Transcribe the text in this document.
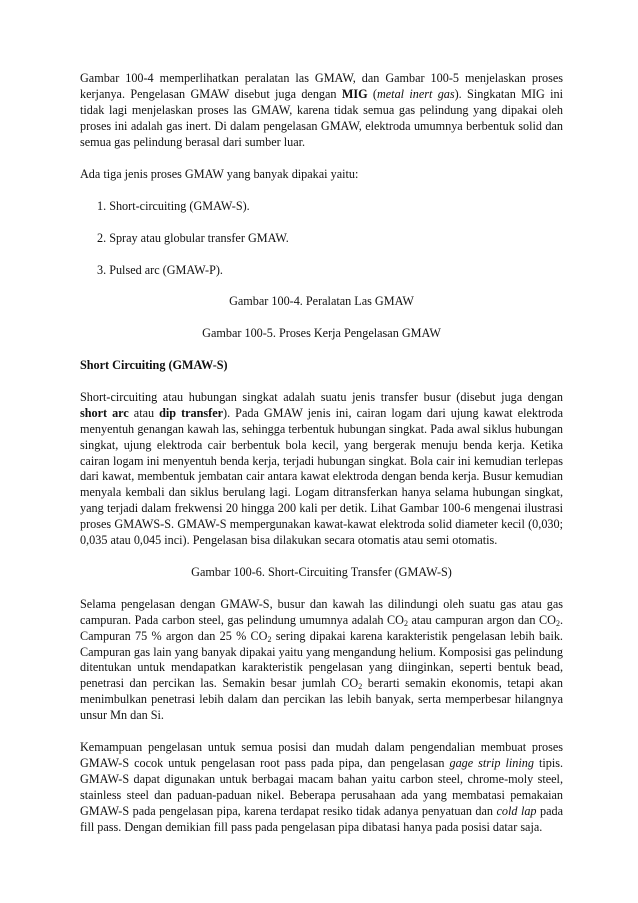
Gambar 100-4 memperlihatkan peralatan las GMAW, dan Gambar 100-5 menjelaskan proses kerjanya. Pengelasan GMAW disebut juga dengan MIG (metal inert gas). Singkatan MIG ini tidak lagi menjelaskan proses las GMAW, karena tidak semua gas pelindung yang dipakai oleh proses ini adalah gas inert. Di dalam pengelasan GMAW, elektroda umumnya berbentuk solid dan semua gas pelindung berasal dari sumber luar.

Ada tiga jenis proses GMAW yang banyak dipakai yaitu:

1. Short-circuiting (GMAW-S).
2. Spray atau globular transfer GMAW.
3. Pulsed arc (GMAW-P).

Gambar 100-4. Peralatan Las GMAW

Gambar 100-5. Proses Kerja Pengelasan GMAW

Short Circuiting (GMAW-S)

Short-circuiting atau hubungan singkat adalah suatu jenis transfer busur (disebut juga dengan short arc atau dip transfer). Pada GMAW jenis ini, cairan logam dari ujung kawat elektroda menyentuh genangan kawah las, sehingga terbentuk hubungan singkat. Pada awal siklus hubungan singkat, ujung elektroda cair berbentuk bola kecil, yang bergerak menuju benda kerja. Ketika cairan logam ini menyentuh benda kerja, terjadi hubungan singkat. Bola cair ini kemudian terlepas dari kawat, membentuk jembatan cair antara kawat elektroda dengan benda kerja. Busur kemudian menyala kembali dan siklus berulang lagi. Logam ditransferkan hanya selama hubungan singkat, yang terjadi dalam frekwensi 20 hingga 200 kali per detik. Lihat Gambar 100-6 mengenai ilustrasi proses GMAWS-S. GMAW-S mempergunakan kawat-kawat elektroda solid diameter kecil (0,030; 0,035 atau 0,045 inci). Pengelasan bisa dilakukan secara otomatis atau semi otomatis.

Gambar 100-6. Short-Circuiting Transfer (GMAW-S)

Selama pengelasan dengan GMAW-S, busur dan kawah las dilindungi oleh suatu gas atau gas campuran. Pada carbon steel, gas pelindung umumnya adalah $CO_2$ atau campuran argon dan $CO_2$. Campuran 75 % argon dan 25 % $CO_2$ sering dipakai karena karakteristik pengelasan lebih baik. Campuran gas lain yang banyak dipakai yaitu yang mengandung helium. Komposisi gas pelindung ditentukan untuk mendapatkan karakteristik pengelasan yang diinginkan, seperti bentuk bead, penetrasi dan percikan las. Semakin besar jumlah $CO_2$ berarti semakin ekonomis, tetapi akan menimbulkan penetrasi lebih dalam dan percikan las lebih banyak, serta memperbesar hilangnya unsur Mn dan Si.

Kemampuan pengelasan untuk semua posisi dan mudah dalam pengendalian membuat proses GMAW-S cocok untuk pengelasan root pass pada pipa, dan pengelasan gage strip lining tipis. GMAW-S dapat digunakan untuk berbagai macam bahan yaitu carbon steel, chrome-moly steel, stainless steel dan paduan-paduan nikel. Beberapa perusahaan ada yang membatasi pemakaian GMAW-S pada pengelasan pipa, karena terdapat resiko tidak adanya penyatuan dan cold lap pada fill pass. Dengan demikian fill pass pada pengelasan pipa dibatasi hanya pada posisi datar saja.
